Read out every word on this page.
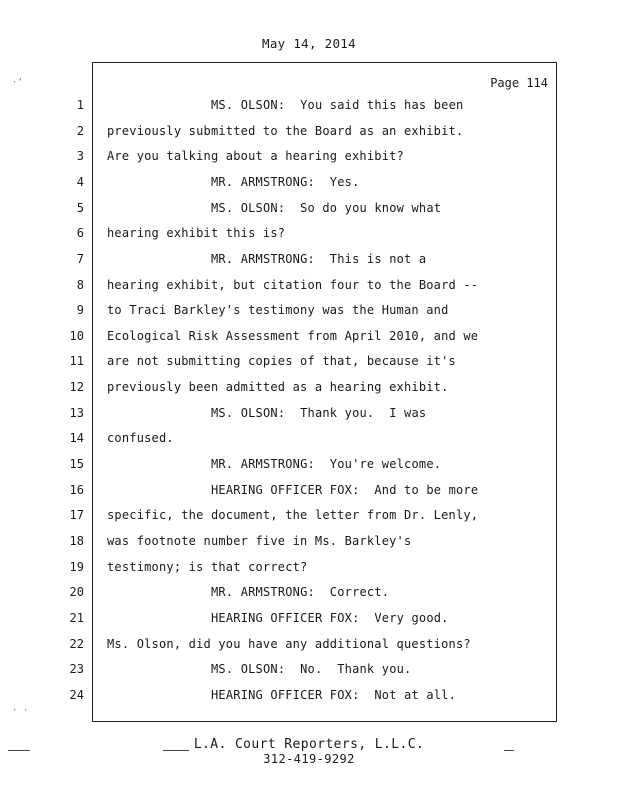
May 14, 2014
Page 114
1	MS. OLSON:  You said this has been
2 previously submitted to the Board as an exhibit.
3 Are you talking about a hearing exhibit?
4	MR. ARMSTRONG:  Yes.
5	MS. OLSON:  So do you know what
6 hearing exhibit this is?
7	MR. ARMSTRONG:  This is not a
8 hearing exhibit, but citation four to the Board --
9 to Traci Barkley's testimony was the Human and
10 Ecological Risk Assessment from April 2010, and we
11 are not submitting copies of that, because it's
12 previously been admitted as a hearing exhibit.
13	MS. OLSON:  Thank you.  I was
14 confused.
15	MR. ARMSTRONG:  You're welcome.
16	HEARING OFFICER FOX:  And to be more
17 specific, the document, the letter from Dr. Lenly,
18 was footnote number five in Ms. Barkley's
19 testimony; is that correct?
20	MR. ARMSTRONG:  Correct.
21	HEARING OFFICER FOX:  Very good.
22 Ms. Olson, did you have any additional questions?
23	MS. OLSON:  No.  Thank you.
24	HEARING OFFICER FOX:  Not at all.
L.A. Court Reporters, L.L.C.
312-419-9292
·’
· ·
